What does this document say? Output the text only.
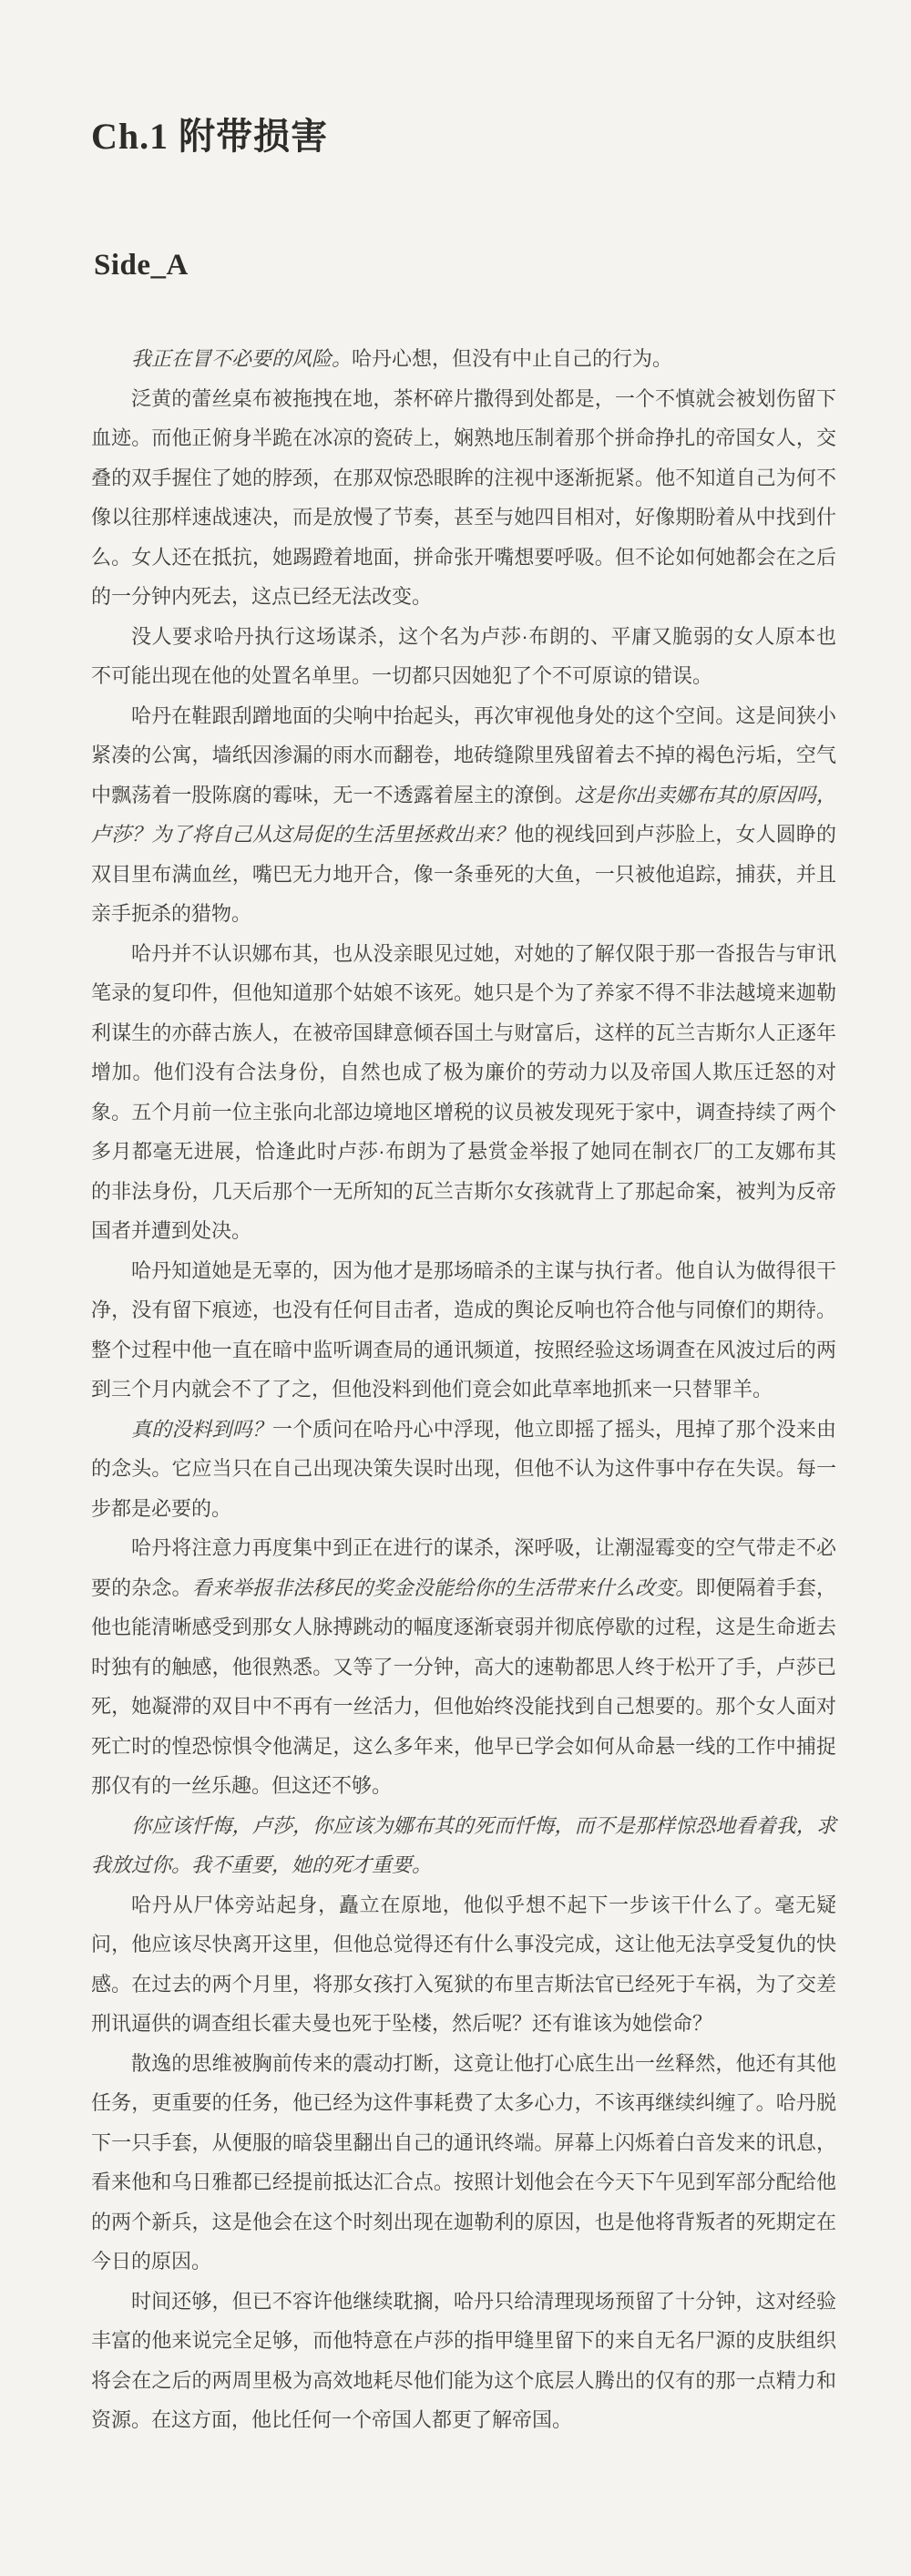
Ch.1 附带损害
Side_A

我正在冒不必要的风险。哈丹心想，但没有中止自己的行为。

泛黄的蕾丝桌布被拖拽在地，茶杯碎片撒得到处都是，一个不慎就会被划伤留下血迹。而他正俯身半跪在冰凉的瓷砖上，娴熟地压制着那个拼命挣扎的帝国女人，交叠的双手握住了她的脖颈，在那双惊恐眼眸的注视中逐渐扼紧。他不知道自己为何不像以往那样速战速决，而是放慢了节奏，甚至与她四目相对，好像期盼着从中找到什么。女人还在抵抗，她踢蹬着地面，拼命张开嘴想要呼吸。但不论如何她都会在之后的一分钟内死去，这点已经无法改变。

没人要求哈丹执行这场谋杀，这个名为卢莎·布朗的、平庸又脆弱的女人原本也不可能出现在他的处置名单里。一切都只因她犯了个不可原谅的错误。

哈丹在鞋跟刮蹭地面的尖响中抬起头，再次审视他身处的这个空间。这是间狭小紧凑的公寓，墙纸因渗漏的雨水而翻卷，地砖缝隙里残留着去不掉的褐色污垢，空气中飘荡着一股陈腐的霉味，无一不透露着屋主的潦倒。这是你出卖娜布其的原因吗，卢莎？为了将自己从这局促的生活里拯救出来？他的视线回到卢莎脸上，女人圆睁的双目里布满血丝，嘴巴无力地开合，像一条垂死的大鱼，一只被他追踪，捕获，并且亲手扼杀的猎物。

哈丹并不认识娜布其，也从没亲眼见过她，对她的了解仅限于那一沓报告与审讯笔录的复印件，但他知道那个姑娘不该死。她只是个为了养家不得不非法越境来迦勒利谋生的亦薛古族人，在被帝国肆意倾吞国土与财富后，这样的瓦兰吉斯尔人正逐年增加。他们没有合法身份，自然也成了极为廉价的劳动力以及帝国人欺压迁怒的对象。五个月前一位主张向北部边境地区增税的议员被发现死于家中，调查持续了两个多月都毫无进展，恰逢此时卢莎·布朗为了悬赏金举报了她同在制衣厂的工友娜布其的非法身份，几天后那个一无所知的瓦兰吉斯尔女孩就背上了那起命案，被判为反帝国者并遭到处决。

哈丹知道她是无辜的，因为他才是那场暗杀的主谋与执行者。他自认为做得很干净，没有留下痕迹，也没有任何目击者，造成的舆论反响也符合他与同僚们的期待。整个过程中他一直在暗中监听调查局的通讯频道，按照经验这场调查在风波过后的两到三个月内就会不了了之，但他没料到他们竟会如此草率地抓来一只替罪羊。

真的没料到吗？一个质问在哈丹心中浮现，他立即摇了摇头，甩掉了那个没来由的念头。它应当只在自己出现决策失误时出现，但他不认为这件事中存在失误。每一步都是必要的。

哈丹将注意力再度集中到正在进行的谋杀，深呼吸，让潮湿霉变的空气带走不必要的杂念。看来举报非法移民的奖金没能给你的生活带来什么改变。即便隔着手套，他也能清晰感受到那女人脉搏跳动的幅度逐渐衰弱并彻底停歇的过程，这是生命逝去时独有的触感，他很熟悉。又等了一分钟，高大的速勒都思人终于松开了手，卢莎已死，她凝滞的双目中不再有一丝活力，但他始终没能找到自己想要的。那个女人面对死亡时的惶恐惊惧令他满足，这么多年来，他早已学会如何从命悬一线的工作中捕捉那仅有的一丝乐趣。但这还不够。

你应该忏悔，卢莎，你应该为娜布其的死而忏悔，而不是那样惊恐地看着我，求我放过你。我不重要，她的死才重要。

哈丹从尸体旁站起身，矗立在原地，他似乎想不起下一步该干什么了。毫无疑问，他应该尽快离开这里，但他总觉得还有什么事没完成，这让他无法享受复仇的快感。在过去的两个月里，将那女孩打入冤狱的布里吉斯法官已经死于车祸，为了交差刑讯逼供的调查组长霍夫曼也死于坠楼，然后呢？还有谁该为她偿命？

散逸的思维被胸前传来的震动打断，这竟让他打心底生出一丝释然，他还有其他任务，更重要的任务，他已经为这件事耗费了太多心力，不该再继续纠缠了。哈丹脱下一只手套，从便服的暗袋里翻出自己的通讯终端。屏幕上闪烁着白音发来的讯息，看来他和乌日雅都已经提前抵达汇合点。按照计划他会在今天下午见到军部分配给他的两个新兵，这是他会在这个时刻出现在迦勒利的原因，也是他将背叛者的死期定在今日的原因。

时间还够，但已不容许他继续耽搁，哈丹只给清理现场预留了十分钟，这对经验丰富的他来说完全足够，而他特意在卢莎的指甲缝里留下的来自无名尸源的皮肤组织将会在之后的两周里极为高效地耗尽他们能为这个底层人腾出的仅有的那一点精力和资源。在这方面，他比任何一个帝国人都更了解帝国。
